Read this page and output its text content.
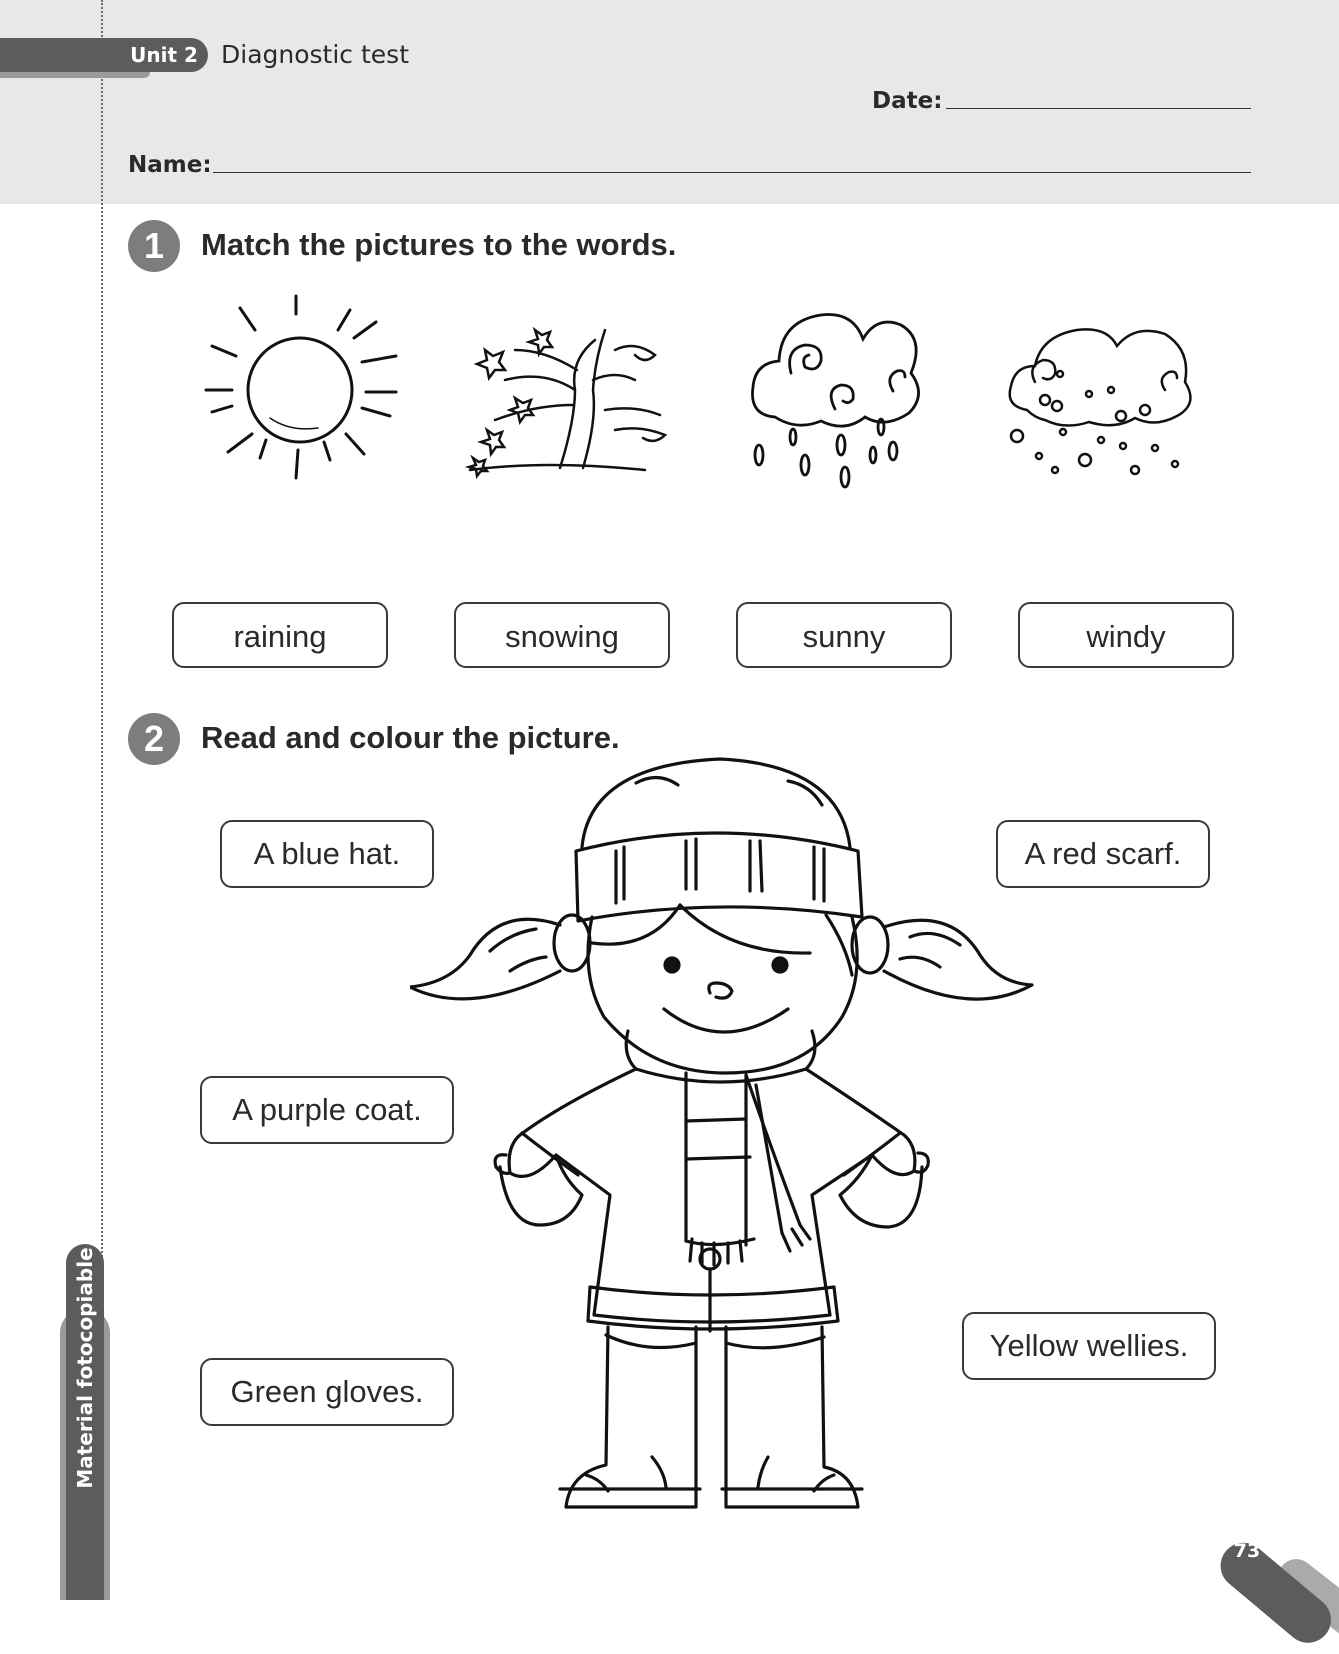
Unit 2 Diagnostic test
Date:
Name:
1	Match the pictures to the words.
raining	snowing	sunny	windy
2	Read and colour the picture.
A blue hat.	A red scarf.
A purple coat.
Green gloves.
Yellow wellies.
Material fotocopiable
73
